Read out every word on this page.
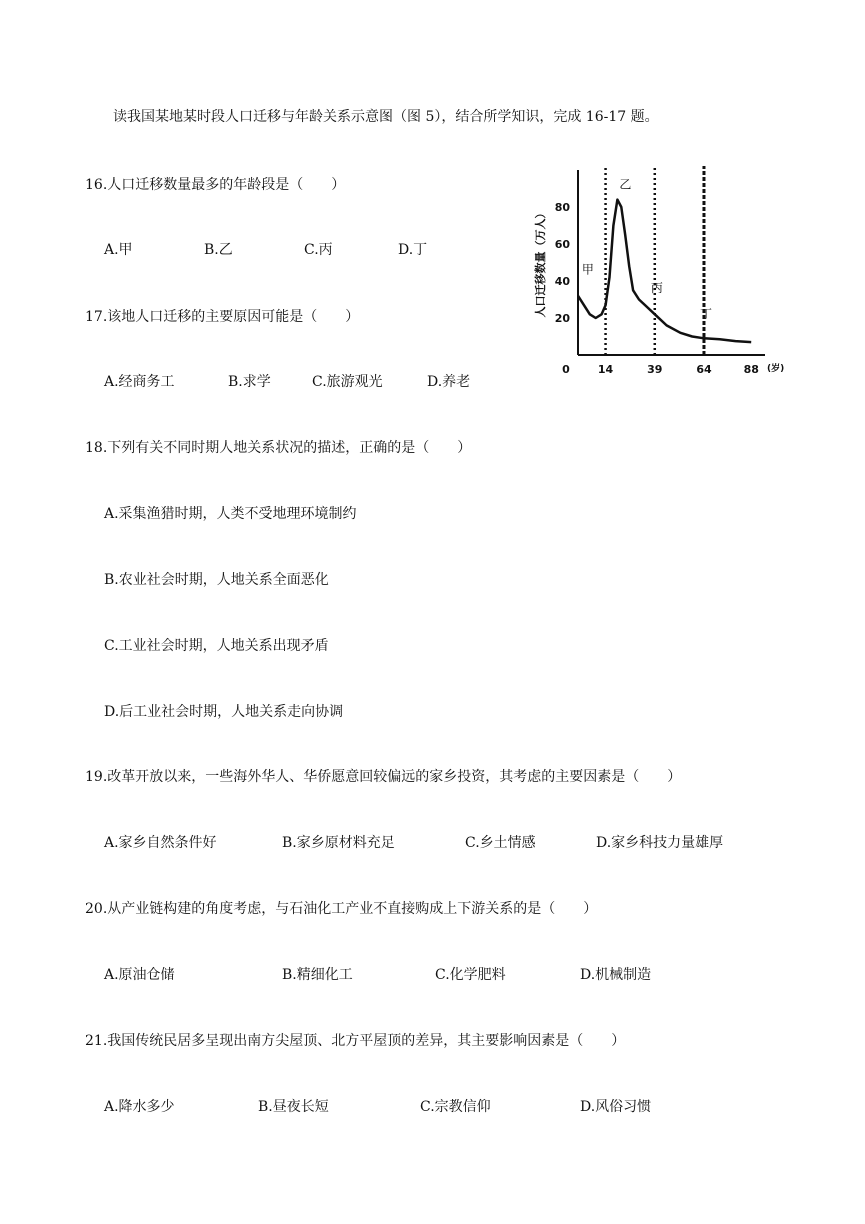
读我国某地某时段人口迁移与年龄关系示意图（图 5），结合所学知识，完成 16-17 题。
16.人口迁移数量最多的年龄段是（　　）
A.甲	B.乙	C.丙	D.丁
17.该地人口迁移的主要原因可能是（　　）
A.经商务工	B.求学	C.旅游观光	D.养老
18.下列有关不同时期人地关系状况的描述，正确的是（　　）
A.采集渔猎时期，人类不受地理环境制约
B.农业社会时期，人地关系全面恶化
C.工业社会时期，人地关系出现矛盾
D.后工业社会时期，人地关系走向协调
19.改革开放以来，一些海外华人、华侨愿意回较偏远的家乡投资，其考虑的主要因素是（　　）
A.家乡自然条件好	B.家乡原材料充足	C.乡土情感	D.家乡科技力量雄厚
20.从产业链构建的角度考虑，与石油化工产业不直接购成上下游关系的是（　　）
A.原油仓储	B.精细化工	C.化学肥料	D.机械制造
21.我国传统民居多呈现出南方尖屋顶、北方平屋顶的差异，其主要影响因素是（　　）
A.降水多少	B.昼夜长短	C.宗教信仰	D.风俗习惯
20
40
60
80
0	14	39	64	88 (岁)
人口迁移数量（万人）	甲
乙
丙
丁
